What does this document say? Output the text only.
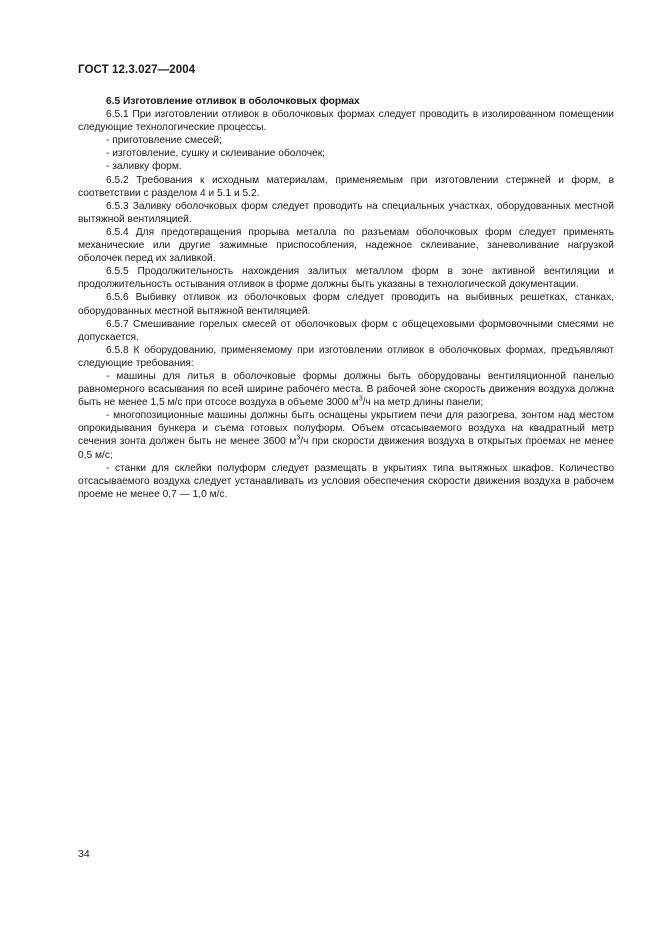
ГОСТ 12.3.027—2004

6.5 Изготовление отливок в оболочковых формах

6.5.1 При изготовлении отливок в оболочковых формах следует проводить в изолированном помещении следующие технологические процессы.

- приготовление смесей;

- изготовление, сушку и склеивание оболочек;

- заливку форм.

6.5.2 Требования к исходным материалам, применяемым при изготовлении стержней и форм, в соответствии с разделом 4 и 5.1 и 5.2.

6.5.3 Заливку оболочковых форм следует проводить на специальных участках, оборудованных местной вытяжной вентиляцией.

6.5.4 Для предотвращения прорыва металла по разъемам оболочковых форм следует применять механические или другие зажимные приспособления, надежное склеивание, заневоливание нагрузкой оболочек перед их заливкой.

6.5.5 Продолжительность нахождения залитых металлом форм в зоне активной вентиляции и продолжительность остывания отливок в форме должны быть указаны в технологической документации.

6.5.6 Выбивку отливок из оболочковых форм следует проводить на выбивных решетках, станках, оборудованных местной вытяжной вентиляцией.

6.5.7 Смешивание горелых смесей от оболочковых форм с общецеховыми формовочными смесями не допускается.

6.5.8 К оборудованию, применяемому при изготовлении отливок в оболочковых формах, предъявляют следующие требования:

- машины для литья в оболочковые формы должны быть оборудованы вентиляционной панелью равномерного всасывания по всей ширине рабочего места. В рабочей зоне скорость движения воздуха должна быть не менее 1,5 м/с при отсосе воздуха в объеме 3000 $м^3/ч$ на метр длины панели;

- многопозиционные машины должны быть оснащены укрытием печи для разогрева, зонтом над местом опрокидывания бункера и съема готовых полуформ. Объем отсасываемого воздуха на квадратный метр сечения зонта должен быть не менее 3600 $м^3/ч$ при скорости движения воздуха в открытых проемах не менее 0,5 м/с;

- станки для склейки полуформ следует размещать в укрытиях типа вытяжных шкафов. Количество отсасываемого воздуха следует устанавливать из условия обеспечения скорости движения воздуха в рабочем проеме не менее 0,7 — 1,0 м/с.

34
